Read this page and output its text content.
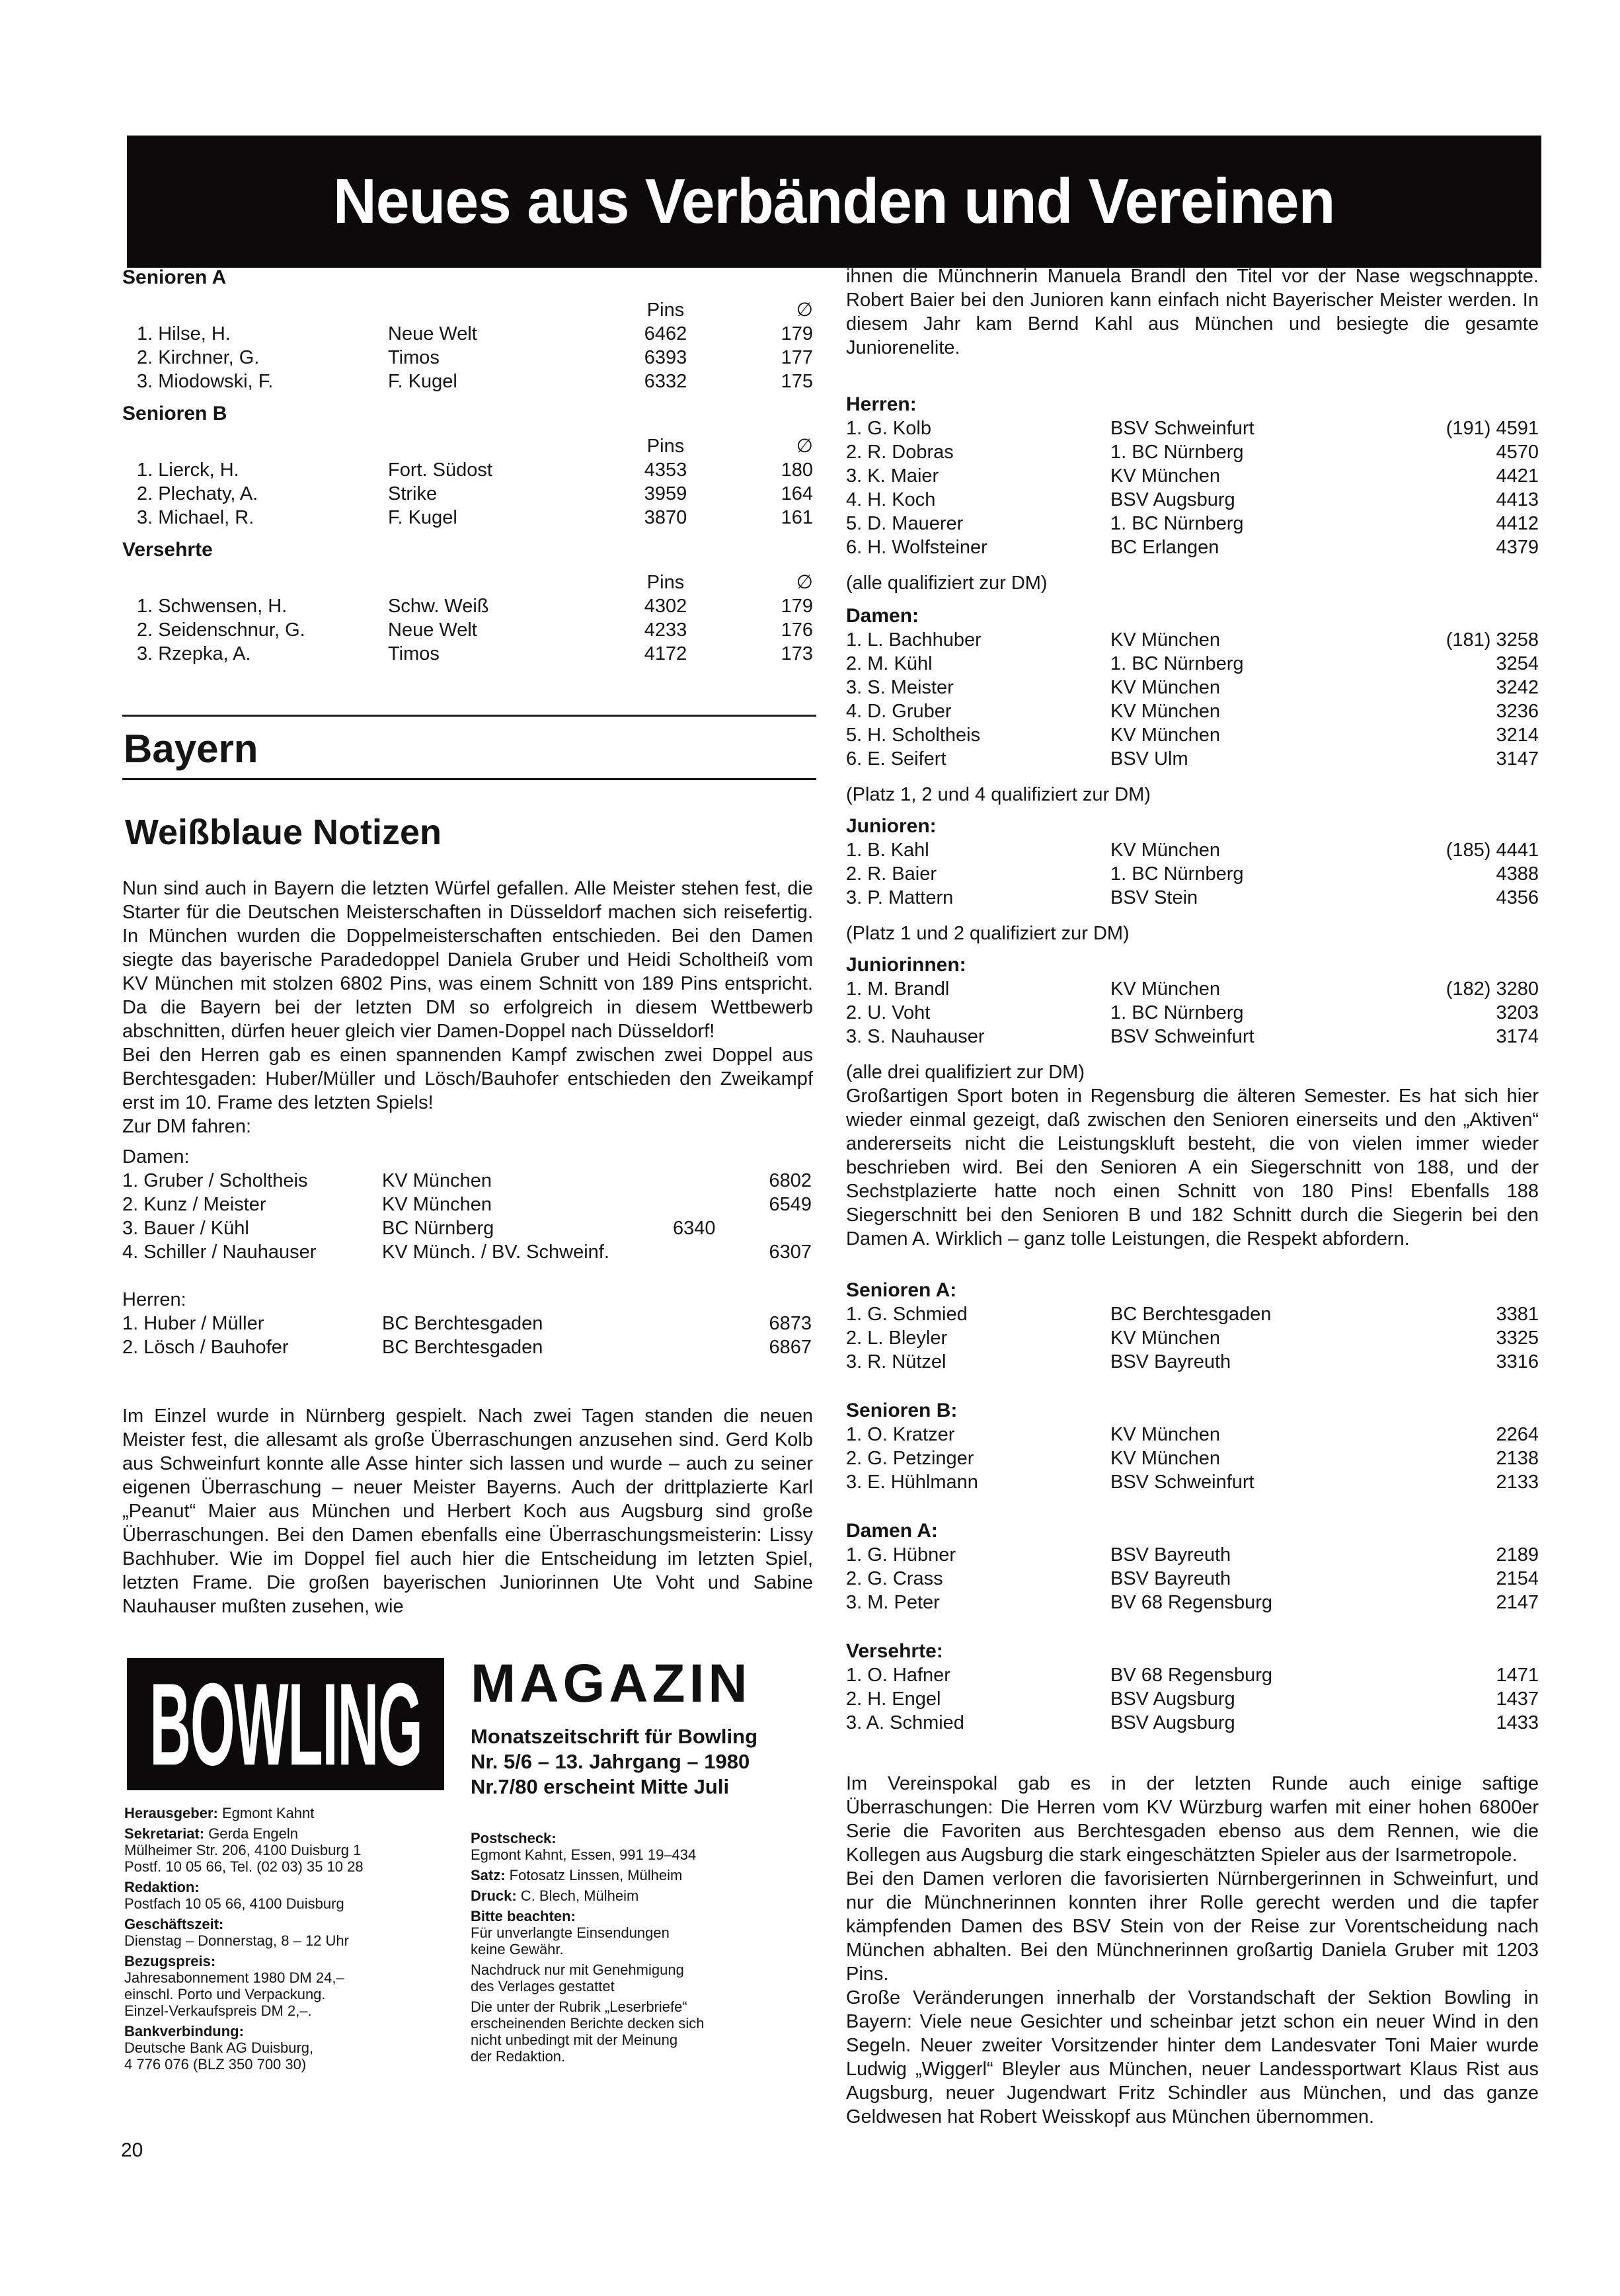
Neues aus Verbänden und Vereinen
Senioren A
Pins	∅
1. Hilse, H.	Neue Welt	6462	179
2. Kirchner, G.	Timos	6393	177
3. Miodowski, F.	F. Kugel	6332	175
Senioren B
Pins	∅
1. Lierck, H.	Fort. Südost	4353	180
2. Plechaty, A.	Strike	3959	164
3. Michael, R.	F. Kugel	3870	161
Versehrte
Pins	∅
1. Schwensen, H.	Schw. Weiß	4302	179
2. Seidenschnur, G.	Neue Welt	4233	176
3. Rzepka, A.	Timos	4172	173
Bayern
Weißblaue Notizen

Nun sind auch in Bayern die letzten Würfel gefallen. Alle Meister stehen fest, die Starter für die Deutschen Meisterschaften in Düsseldorf machen sich reisefertig. In München wurden die Doppelmeisterschaften entschieden. Bei den Damen siegte das bayerische Paradedoppel Daniela Gruber und Heidi Scholtheiß vom KV München mit stolzen 6802 Pins, was einem Schnitt von 189 Pins entspricht. Da die Bayern bei der letzten DM so erfolgreich in diesem Wettbewerb abschnitten, dürfen heuer gleich vier Damen-Doppel nach Düsseldorf!

Bei den Herren gab es einen spannenden Kampf zwischen zwei Doppel aus Berchtesgaden: Huber/Müller und Lösch/Bauhofer entschieden den Zweikampf erst im 10. Frame des letzten Spiels!

Zur DM fahren:

Damen:

1. Gruber / Scholtheis	KV München	6802
2. Kunz / Meister	KV München	6549
3. Bauer / Kühl	BC Nürnberg	6340
4. Schiller / Nauhauser	KV Münch. / BV. Schweinf.	6307

Herren:

1. Huber / Müller	BC Berchtesgaden	6873
2. Lösch / Bauhofer	BC Berchtesgaden	6867

Im Einzel wurde in Nürnberg gespielt. Nach zwei Tagen standen die neuen Meister fest, die allesamt als große Überraschungen anzusehen sind. Gerd Kolb aus Schweinfurt konnte alle Asse hinter sich lassen und wurde – auch zu seiner eigenen Überraschung – neuer Meister Bayerns. Auch der drittplazierte Karl „Peanut“ Maier aus München und Herbert Koch aus Augsburg sind große Überraschungen. Bei den Damen ebenfalls eine Überraschungsmeisterin: Lissy Bachhuber. Wie im Doppel fiel auch hier die Entscheidung im letzten Spiel, letzten Frame. Die großen bayerischen Juniorinnen Ute Voht und Sabine Nauhauser mußten zusehen, wie

BOWLING MAGAZIN
Monatszeitschrift für Bowling
Nr. 5/6 – 13. Jahrgang – 1980
Nr.7/80 erscheint Mitte Juli
Herausgeber: Egmont Kahnt
Sekretariat: Gerda Engeln
Mülheimer Str. 206, 4100 Duisburg 1
Postf. 10 05 66, Tel. (02 03) 35 10 28
Redaktion:
Postfach 10 05 66, 4100 Duisburg
Geschäftszeit:
Dienstag – Donnerstag, 8 – 12 Uhr
Bezugspreis:
Jahresabonnement 1980 DM 24,–
einschl. Porto und Verpackung.
Einzel-Verkaufspreis DM 2,–.
Bankverbindung:
Deutsche Bank AG Duisburg,
4 776 076 (BLZ 350 700 30)
Postscheck:
Egmont Kahnt, Essen, 991 19–434
Satz: Fotosatz Linssen, Mülheim
Druck: C. Blech, Mülheim
Bitte beachten:
Für unverlangte Einsendungen
keine Gewähr.
Nachdruck nur mit Genehmigung
des Verlages gestattet
Die unter der Rubrik „Leserbriefe“
erscheinenden Berichte decken sich
nicht unbedingt mit der Meinung
der Redaktion.
20

ihnen die Münchnerin Manuela Brandl den Titel vor der Nase wegschnappte. Robert Baier bei den Junioren kann einfach nicht Bayerischer Meister werden. In diesem Jahr kam Bernd Kahl aus München und besiegte die gesamte Juniorenelite.

Herren:
1. G. Kolb	BSV Schweinfurt	(191) 4591
2. R. Dobras	1. BC Nürnberg	4570
3. K. Maier	KV München	4421
4. H. Koch	BSV Augsburg	4413
5. D. Mauerer	1. BC Nürnberg	4412
6. H. Wolfsteiner	BC Erlangen	4379

(alle qualifiziert zur DM)

Damen:
1. L. Bachhuber	KV München	(181) 3258
2. M. Kühl	1. BC Nürnberg	3254
3. S. Meister	KV München	3242
4. D. Gruber	KV München	3236
5. H. Scholtheis	KV München	3214
6. E. Seifert	BSV Ulm	3147

(Platz 1, 2 und 4 qualifiziert zur DM)

Junioren:
1. B. Kahl	KV München	(185) 4441
2. R. Baier	1. BC Nürnberg	4388
3. P. Mattern	BSV Stein	4356

(Platz 1 und 2 qualifiziert zur DM)

Juniorinnen:
1. M. Brandl	KV München	(182) 3280
2. U. Voht	1. BC Nürnberg	3203
3. S. Nauhauser	BSV Schweinfurt	3174

(alle drei qualifiziert zur DM)

Großartigen Sport boten in Regensburg die älteren Semester. Es hat sich hier wieder einmal gezeigt, daß zwischen den Senioren einerseits und den „Aktiven“ andererseits nicht die Leistungskluft besteht, die von vielen immer wieder beschrieben wird. Bei den Senioren A ein Siegerschnitt von 188, und der Sechstplazierte hatte noch einen Schnitt von 180 Pins! Ebenfalls 188 Siegerschnitt bei den Senioren B und 182 Schnitt durch die Siegerin bei den Damen A. Wirklich – ganz tolle Leistungen, die Respekt abfordern.

Senioren A:
1. G. Schmied	BC Berchtesgaden	3381
2. L. Bleyler	KV München	3325
3. R. Nützel	BSV Bayreuth	3316
Senioren B:
1. O. Kratzer	KV München	2264
2. G. Petzinger	KV München	2138
3. E. Hühlmann	BSV Schweinfurt	2133
Damen A:
1. G. Hübner	BSV Bayreuth	2189
2. G. Crass	BSV Bayreuth	2154
3. M. Peter	BV 68 Regensburg	2147
Versehrte:
1. O. Hafner	BV 68 Regensburg	1471
2. H. Engel	BSV Augsburg	1437
3. A. Schmied	BSV Augsburg	1433

Im Vereinspokal gab es in der letzten Runde auch einige saftige Überraschungen: Die Herren vom KV Würzburg warfen mit einer hohen 6800er Serie die Favoriten aus Berchtesgaden ebenso aus dem Rennen, wie die Kollegen aus Augsburg die stark eingeschätzten Spieler aus der Isarmetropole.

Bei den Damen verloren die favorisierten Nürnbergerinnen in Schweinfurt, und nur die Münchnerinnen konnten ihrer Rolle gerecht werden und die tapfer kämpfenden Damen des BSV Stein von der Reise zur Vorentscheidung nach München abhalten. Bei den Münchnerinnen großartig Daniela Gruber mit 1203 Pins.

Große Veränderungen innerhalb der Vorstandschaft der Sektion Bowling in Bayern: Viele neue Gesichter und scheinbar jetzt schon ein neuer Wind in den Segeln. Neuer zweiter Vorsitzender hinter dem Landesvater Toni Maier wurde Ludwig „Wiggerl“ Bleyler aus München, neuer Landessportwart Klaus Rist aus Augsburg, neuer Jugendwart Fritz Schindler aus München, und das ganze Geldwesen hat Robert Weisskopf aus München übernommen.
